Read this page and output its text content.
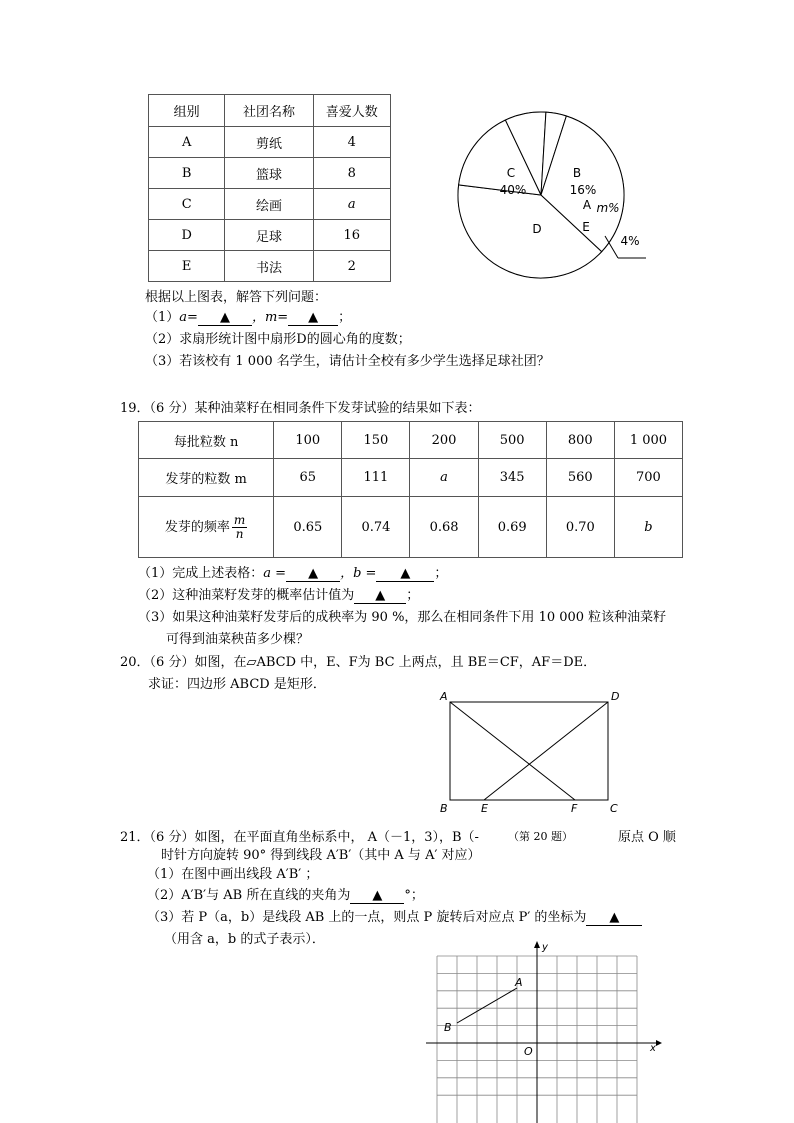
组别	社团名称	喜爱人数
A	剪纸	4
B	篮球	8
C	绘画	a
D	足球	16
E	书法	2
C
40%
B
16%
A m%
E
4%
D
根据以上图表，解答下列问题：
（1）a= ▲ ，m= ▲ ；
（2）求扇形统计图中扇形D的圆心角的度数；
（3）若该校有 1 000 名学生，请估计全校有多少学生选择足球社团？
19．（6 分）某种油菜籽在相同条件下发芽试验的结果如下表：
每批粒数 n	100	150	200	500	800	1 000
发芽的粒数 m	65	111	a	345	560	700
发芽的频率 $\frac{m}{n}$	0.65	0.74	0.68	0.69	0.70	b
（1）完成上述表格：a = ▲ ，b = ▲ ；
（2）这种油菜籽发芽的概率估计值为 ▲ ；
（3）如果这种油菜籽发芽后的成秧率为 90 %，那么在相同条件下用 10 000 粒该种油菜籽
可得到油菜秧苗多少棵？
20．（6 分）如图，在▱ABCD 中，E、F为 BC 上两点，且 BE＝CF，AF＝DE．
求证：四边形 ABCD 是矩形．
A	D
B	E	F	C
21．（6 分）如图，在平面直角坐标系中， A（－1，3），B（-	（第 20 题）	原点 O 顺
时针方向旋转 90° 得到线段 A′B′（其中 A 与 A′ 对应）
（1）在图中画出线段 A′B′ ；
（2）A′B′与 AB 所在直线的夹角为 ▲ °；
（3）若 P（a，b）是线段 AB 上的一点，则点 P 旋转后对应点 P′ 的坐标为 ▲
（用含 a，b 的式子表示）．
A
B
O	x
y
